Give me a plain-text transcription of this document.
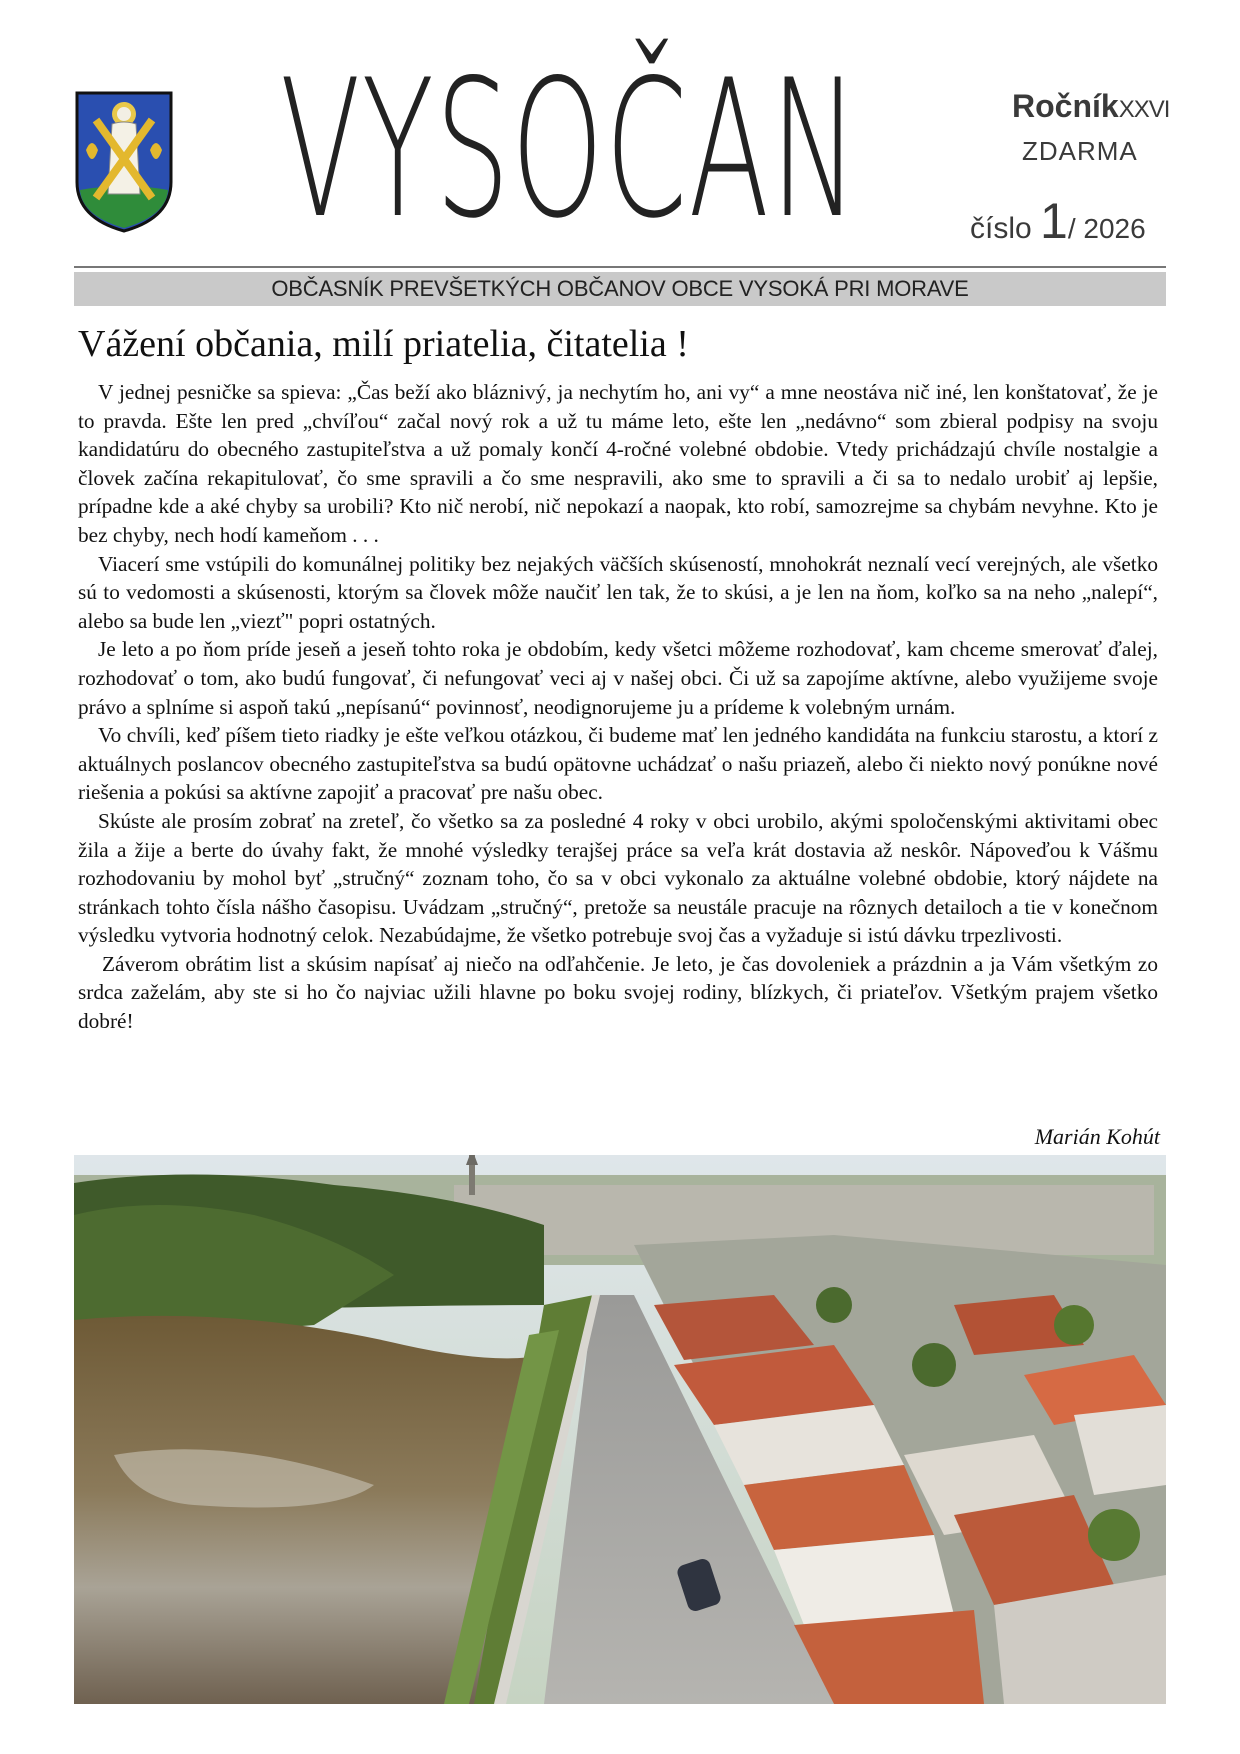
VYSOČAN	RočníkXXVI
ZDARMA
číslo 1/ 2026
OBČASNÍK PREVŠETKÝCH OBČANOV OBCE VYSOKÁ PRI MORAVE
Vážení občania, milí priatelia, čitatelia !

V jednej pesničke sa spieva: „Čas beží ako bláznivý, ja nechytím ho, ani vy“ a mne neostáva nič iné, len konštatovať, že je to pravda. Ešte len pred „chvíľou“ začal nový rok a už tu máme leto, ešte len „nedávno“ som zbieral podpisy na svoju kandidatúru do obecného zastupiteľstva a už pomaly končí 4-ročné volebné obdobie. Vtedy prichádzajú chvíle nostalgie a človek začína rekapitulovať, čo sme spravili a čo sme nespravili, ako sme to spravili a či sa to nedalo urobiť aj lepšie, prípadne kde a aké chyby sa urobili? Kto nič nerobí, nič nepokazí a naopak, kto robí, samozrejme sa chybám nevyhne. Kto je bez chyby, nech hodí kameňom . . .

Viacerí sme vstúpili do komunálnej politiky bez nejakých väčších skúseností, mnohokrát neznalí vecí verejných, ale všetko sú to vedomosti a skúsenosti, ktorým sa človek môže naučiť len tak, že to skúsi, a je len na ňom, koľko sa na neho „nalepí“, alebo sa bude len „viezť" popri ostatných.

Je leto a po ňom príde jeseň a jeseň tohto roka je obdobím, kedy všetci môžeme rozhodovať, kam chceme smerovať ďalej, rozhodovať o tom, ako budú fungovať, či nefungovať veci aj v našej obci. Či už sa zapojíme aktívne, alebo využijeme svoje právo a splníme si aspoň takú „nepísanú“ povinnosť, neodignorujeme ju a prídeme k volebným urnám.

Vo chvíli, keď píšem tieto riadky je ešte veľkou otázkou, či budeme mať len jedného kandidáta na funkciu starostu, a ktorí z aktuálnych poslancov obecného zastupiteľstva sa budú opätovne uchádzať o našu priazeň, alebo či niekto nový ponúkne nové riešenia a pokúsi sa aktívne zapojiť a pracovať pre našu obec.

Skúste ale prosím zobrať na zreteľ, čo všetko sa za posledné 4 roky v obci urobilo, akými spoločenskými aktivitami obec žila a žije a berte do úvahy fakt, že mnohé výsledky terajšej práce sa veľa krát dostavia až neskôr. Nápoveďou k Vášmu rozhodovaniu by mohol byť „stručný“ zoznam toho, čo sa v obci vykonalo za aktuálne volebné obdobie, ktorý nájdete na stránkach tohto čísla nášho časopisu. Uvádzam „stručný“, pretože sa neustále pracuje na rôznych detailoch a tie v konečnom výsledku vytvoria hodnotný celok. Nezabúdajme, že všetko potrebuje svoj čas a vyžaduje si istú dávku trpezlivosti.

Záverom obrátim list a skúsim napísať aj niečo na odľahčenie. Je leto, je čas dovoleniek a prázdnin a ja Vám všetkým zo srdca zaželám, aby ste si ho čo najviac užili hlavne po boku svojej rodiny, blízkych, či priateľov. Všetkým prajem všetko dobré!

Marián Kohút
